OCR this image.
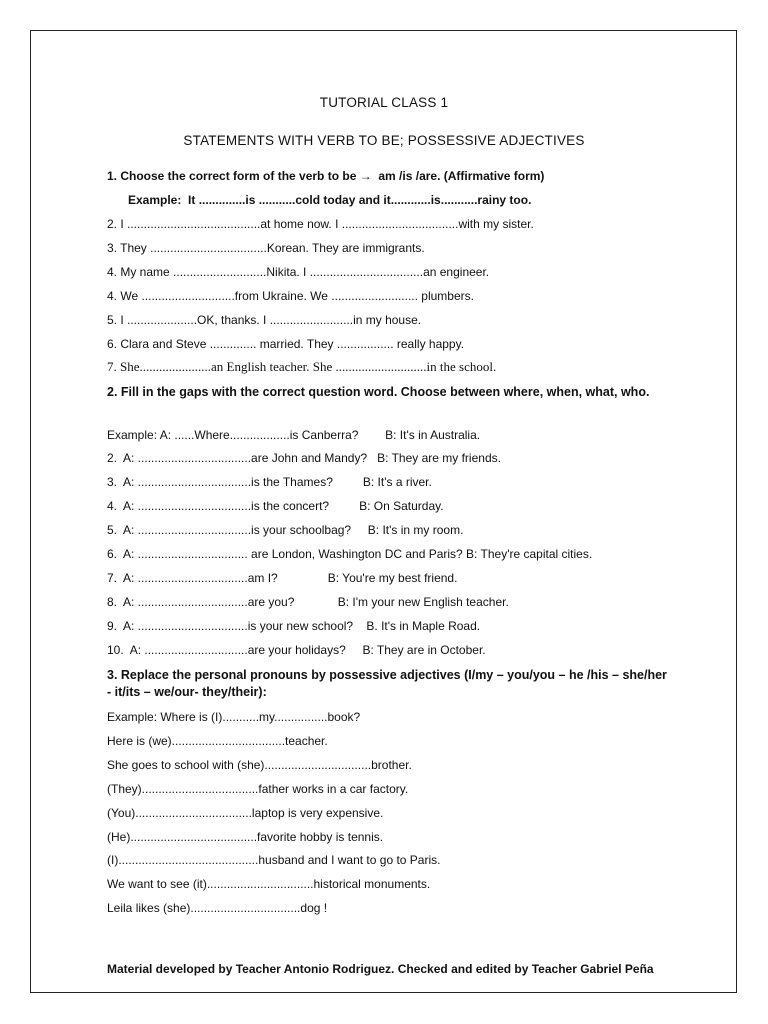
TUTORIAL CLASS 1
STATEMENTS WITH VERB TO BE; POSSESSIVE ADJECTIVES
1. Choose the correct form of the verb to be →  am /is /are. (Affirmative form)
Example:  It ..............is ...........cold today and it............is...........rainy too.
2. I ........................................at home now. I ...................................with my sister.
3. They ...................................Korean. They are immigrants.
4. My name ............................Nikita. I ..................................an engineer.
4. We ............................from Ukraine. We .......................... plumbers.
5. I .....................OK, thanks. I .........................in my house.
6. Clara and Steve .............. married. They ................. really happy.
7. She......................an English teacher. She ............................in the school.
2. Fill in the gaps with the correct question word. Choose between where, when, what, who.
Example: A: ......Where..................is Canberra?        B: It's in Australia.
2.  A: ..................................are John and Mandy?   B: They are my friends.
3.  A: ..................................is the Thames?         B: It's a river.
4.  A: ..................................is the concert?         B: On Saturday.
5.  A: ..................................is your schoolbag?     B: It's in my room.
6.  A: ................................. are London, Washington DC and Paris? B: They're capital cities.
7.  A: .................................am I?               B: You're my best friend.
8.  A: .................................are you?             B: I'm your new English teacher.
9.  A: .................................is your new school?    B. It's in Maple Road.
10.  A: ...............................are your holidays?     B: They are in October.
3. Replace the personal pronouns by possessive adjectives (I/my – you/you – he /his – she/her - it/its – we/our- they/their):
Example: Where is (I)...........my................book?
Here is (we)..................................teacher.
She goes to school with (she)................................brother.
(They)...................................father works in a car factory.
(You)...................................laptop is very expensive.
(He)......................................favorite hobby is tennis.
(I)..........................................husband and I want to go to Paris.
We want to see (it)................................historical monuments.
Leila likes (she).................................dog !
Material developed by Teacher Antonio Rodriguez. Checked and edited by Teacher Gabriel Peña
